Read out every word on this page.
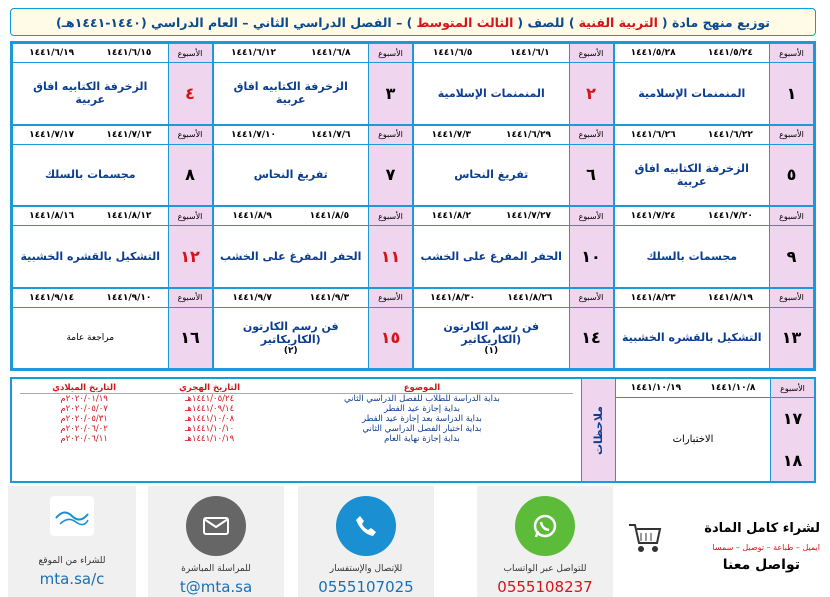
توزيع منهج مادة (
التربية الفنية
) للصف (
الثالث المتوسط
) – الفصل الدراسي الثاني – العام الدراسي (١٤٤٠-١٤٤١هـ)
الأسبوع
١٤٤١/٥/٢٤
١٤٤١/٥/٢٨
١
المنمنمات الإسلامية
الأسبوع
١٤٤١/٦/١
١٤٤١/٦/٥
٢
المنمنمات الإسلامية
الأسبوع
١٤٤١/٦/٨
١٤٤١/٦/١٢
٣
الزخرفة الكتابيه افاق عربية
الأسبوع
١٤٤١/٦/١٥
١٤٤١/٦/١٩
٤
الزخرفة الكتابيه افاق عربية
الأسبوع
١٤٤١/٦/٢٢
١٤٤١/٦/٢٦
٥
الزخرفة الكتابيه افاق عربية
الأسبوع
١٤٤١/٦/٢٩
١٤٤١/٧/٣
٦
تفريغ النحاس
الأسبوع
١٤٤١/٧/٦
١٤٤١/٧/١٠
٧
تفريغ النحاس
الأسبوع
١٤٤١/٧/١٣
١٤٤١/٧/١٧
٨
مجسمات بالسلك
الأسبوع
١٤٤١/٧/٢٠
١٤٤١/٧/٢٤
٩
مجسمات بالسلك
الأسبوع
١٤٤١/٧/٢٧
١٤٤١/٨/٢
١٠
الحفر المفرغ على الخشب
الأسبوع
١٤٤١/٨/٥
١٤٤١/٨/٩
١١
الحفر المفرغ على الخشب
الأسبوع
١٤٤١/٨/١٢
١٤٤١/٨/١٦
١٢
التشكيل بالقشره الخشبية
الأسبوع
١٤٤١/٨/١٩
١٤٤١/٨/٢٣
١٣
التشكيل بالقشره الخشبية
الأسبوع
١٤٤١/٨/٢٦
١٤٤١/٨/٣٠
١٤
فن رسم الكارتون (الكاريكاتير
(١)
الأسبوع
١٤٤١/٩/٣
١٤٤١/٩/٧
١٥
فن رسم الكارتون (الكاريكاتير
(٢)
الأسبوع
١٤٤١/٩/١٠
١٤٤١/٩/١٤
١٦
مراجعة عامة
الأسبوع
١٤٤١/١٠/٨
١٤٤١/١٠/١٩
١٧
١٨
الاختبارات
ملاحظات
الموضوع	التاريخ الهجري	التاريخ الميلادي
بداية الدراسة للطلاب للفصل الدراسي الثاني	١٤٤١/٠٥/٢٤هـ	٢٠٢٠/٠١/١٩م
بداية إجازة عيد الفطر	١٤٤١/٠٩/١٤هـ	٢٠٢٠/٠٥/٠٧م
بداية الدراسة بعد إجازة عيد الفطر	١٤٤١/١٠/٠٨هـ	٢٠٢٠/٠٥/٣١م
بداية اختبار الفصل الدراسي الثاني	١٤٤١/١٠/١٠هـ	٢٠٢٠/٠٦/٠٢م
بداية إجازة نهاية العام	١٤٤١/١٠/١٩هـ	٢٠٢٠/٠٦/١١م
للشراء من الموقع
mta.sa/c
للمراسلة المباشرة
t@mta.sa
للإتصال والإستفسار
0555107025
للتواصل عبر الواتساب
0555108237
لشراء كامل المادة
ايميل – طباعة – توصيل – سمسا
تواصل معنا
